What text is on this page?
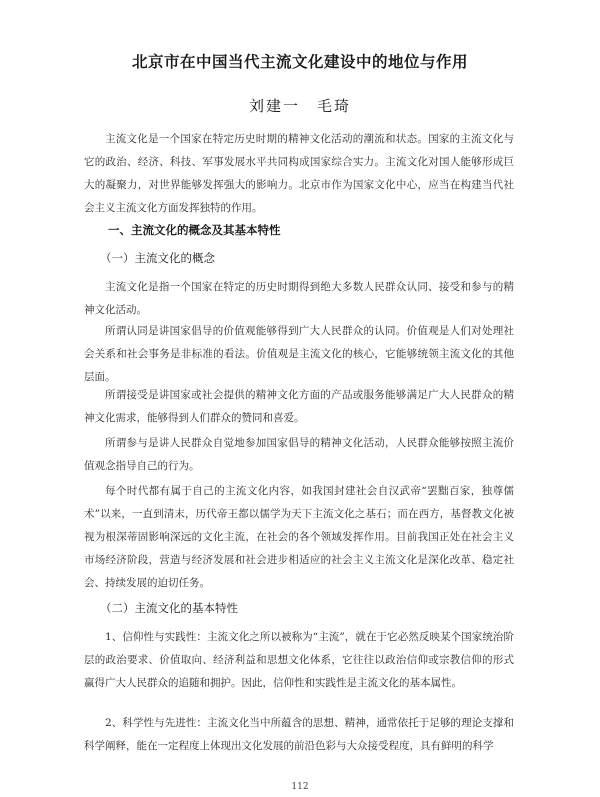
北京市在中国当代主流文化建设中的地位与作用
刘建一　毛琦
主流文化是一个国家在特定历史时期的精神文化活动的潮流和状态。国家的主流文化与它的政治、经济、科技、军事发展水平共同构成国家综合实力。主流文化对国人能够形成巨大的凝聚力，对世界能够发挥强大的影响力。北京市作为国家文化中心，应当在构建当代社会主义主流文化方面发挥独特的作用。
一、主流文化的概念及其基本特性
（一）主流文化的概念
主流文化是指一个国家在特定的历史时期得到绝大多数人民群众认同、接受和参与的精神文化活动。
所谓认同是讲国家倡导的价值观能够得到广大人民群众的认同。价值观是人们对处理社会关系和社会事务是非标准的看法。价值观是主流文化的核心，它能够统领主流文化的其他层面。
所谓接受是讲国家或社会提供的精神文化方面的产品或服务能够满足广大人民群众的精神文化需求，能够得到人们群众的赞同和喜爱。
所谓参与是讲人民群众自觉地参加国家倡导的精神文化活动，人民群众能够按照主流价值观念指导自己的行为。
每个时代都有属于自己的主流文化内容，如我国封建社会自汉武帝“罢黜百家，独尊儒术”以来，一直到清末，历代帝王都以儒学为天下主流文化之基石；而在西方，基督教文化被视为根深蒂固影响深远的文化主流，在社会的各个领域发挥作用。目前我国正处在社会主义市场经济阶段，营造与经济发展和社会进步相适应的社会主义主流文化是深化改革、稳定社会、持续发展的迫切任务。
（二）主流文化的基本特性
1、信仰性与实践性：主流文化之所以被称为“主流”，就在于它必然反映某个国家统治阶层的政治要求、价值取向、经济利益和思想文化体系，它往往以政治信仰或宗教信仰的形式赢得广大人民群众的追随和拥护。因此，信仰性和实践性是主流文化的基本属性。
2、科学性与先进性：主流文化当中所蕴含的思想、精神，通常依托于足够的理论支撑和科学阐释，能在一定程度上体现出文化发展的前沿色彩与大众接受程度，具有鲜明的科学
112
